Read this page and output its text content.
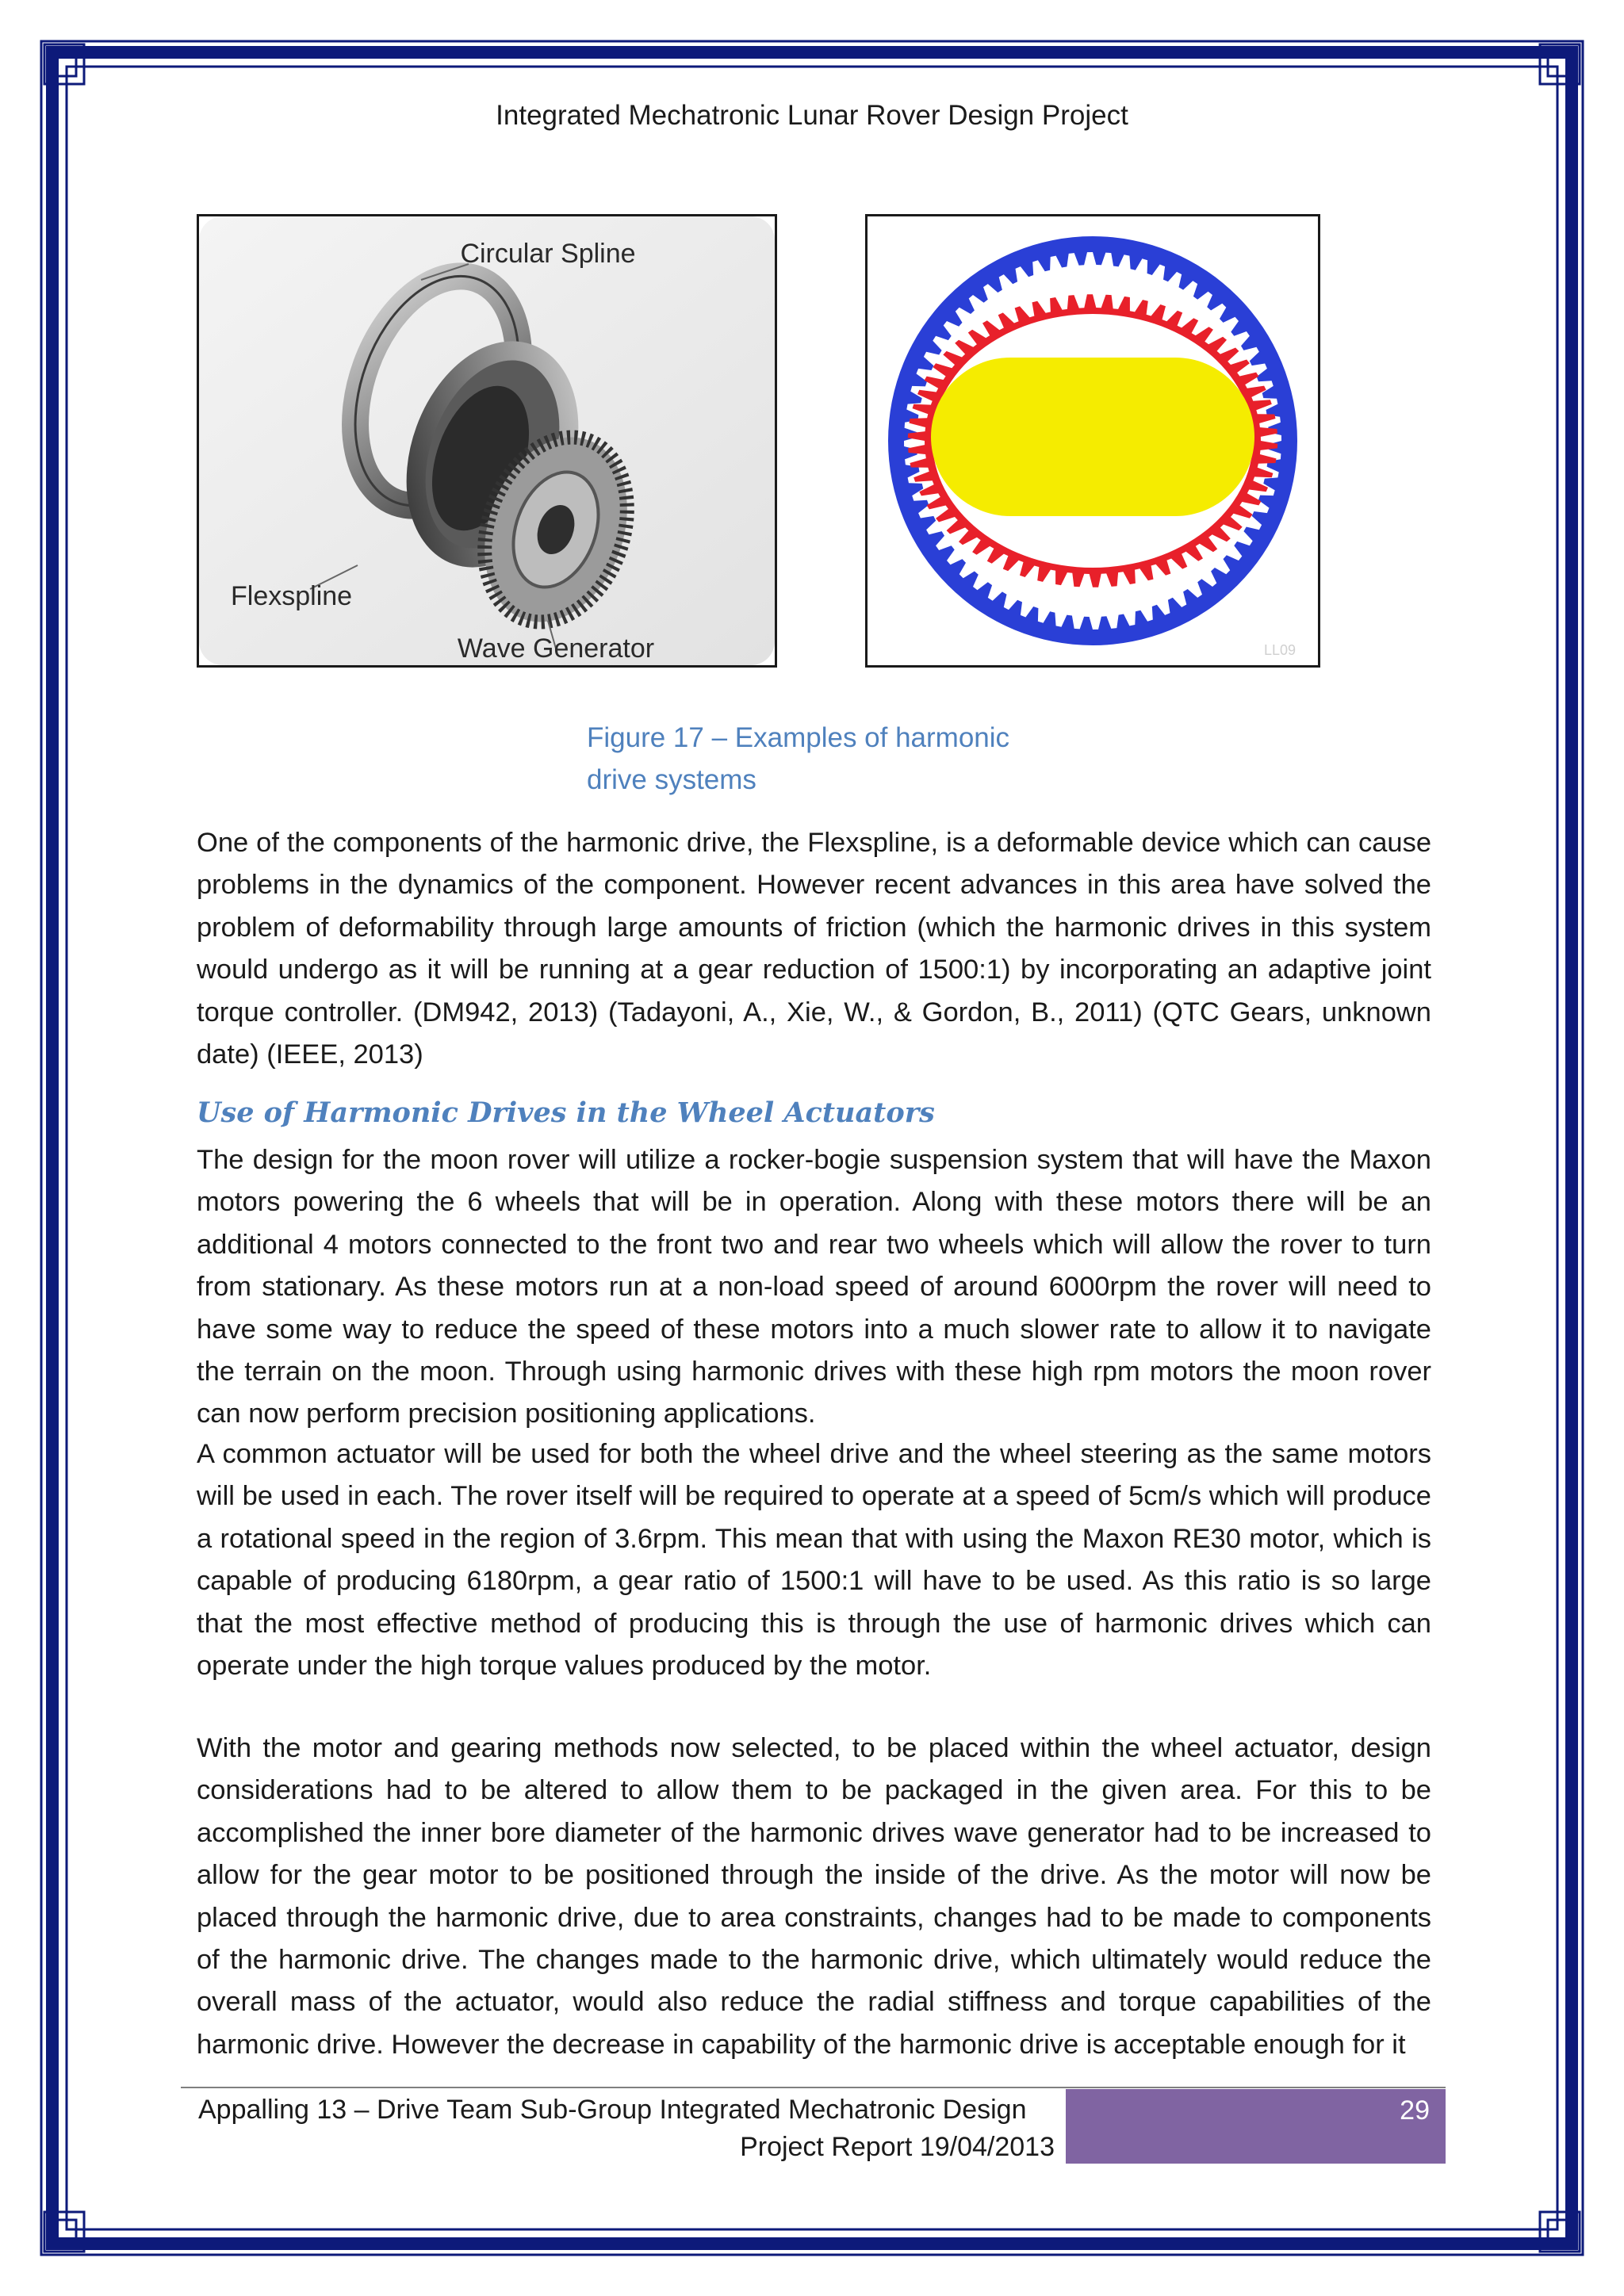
Integrated Mechatronic Lunar Rover Design Project
Circular Spline
Flexspline
Wave Generator	LL09
Figure 17 – Examples of harmonic drive systems

One of the components of the harmonic drive, the Flexspline, is a deformable device which can cause problems in the dynamics of the component. However recent advances in this area have solved the problem of deformability through large amounts of friction (which the harmonic drives in this system would undergo as it will be running at a gear reduction of 1500:1) by incorporating an adaptive joint torque controller. (DM942, 2013) (Tadayoni, A., Xie, W., & Gordon, B., 2011) (QTC Gears, unknown date) (IEEE, 2013)

Use of Harmonic Drives in the Wheel Actuators

The design for the moon rover will utilize a rocker-bogie suspension system that will have the Maxon motors powering the 6 wheels that will be in operation. Along with these motors there will be an additional 4 motors connected to the front two and rear two wheels which will allow the rover to turn from stationary. As these motors run at a non-load speed of around 6000rpm the rover will need to have some way to reduce the speed of these motors into a much slower rate to allow it to navigate the terrain on the moon. Through using harmonic drives with these high rpm motors the moon rover can now perform precision positioning applications.

A common actuator will be used for both the wheel drive and the wheel steering as the same motors will be used in each. The rover itself will be required to operate at a speed of 5cm/s which will produce a rotational speed in the region of 3.6rpm. This mean that with using the Maxon RE30 motor, which is capable of producing 6180rpm, a gear ratio of 1500:1 will have to be used. As this ratio is so large that the most effective method of producing this is through the use of harmonic drives which can operate under the high torque values produced by the motor.

With the motor and gearing methods now selected, to be placed within the wheel actuator, design considerations had to be altered to allow them to be packaged in the given area. For this to be accomplished the inner bore diameter of the harmonic drives wave generator had to be increased to allow for the gear motor to be positioned through the inside of the drive. As the motor will now be placed through the harmonic drive, due to area constraints, changes had to be made to components of the harmonic drive. The changes made to the harmonic drive, which ultimately would reduce the overall mass of the actuator, would also reduce the radial stiffness and torque capabilities of the harmonic drive. However the decrease in capability of the harmonic drive is acceptable enough for it

Appalling 13 – Drive Team Sub-Group Integrated Mechatronic Design
Project Report 19/04/2013
29
